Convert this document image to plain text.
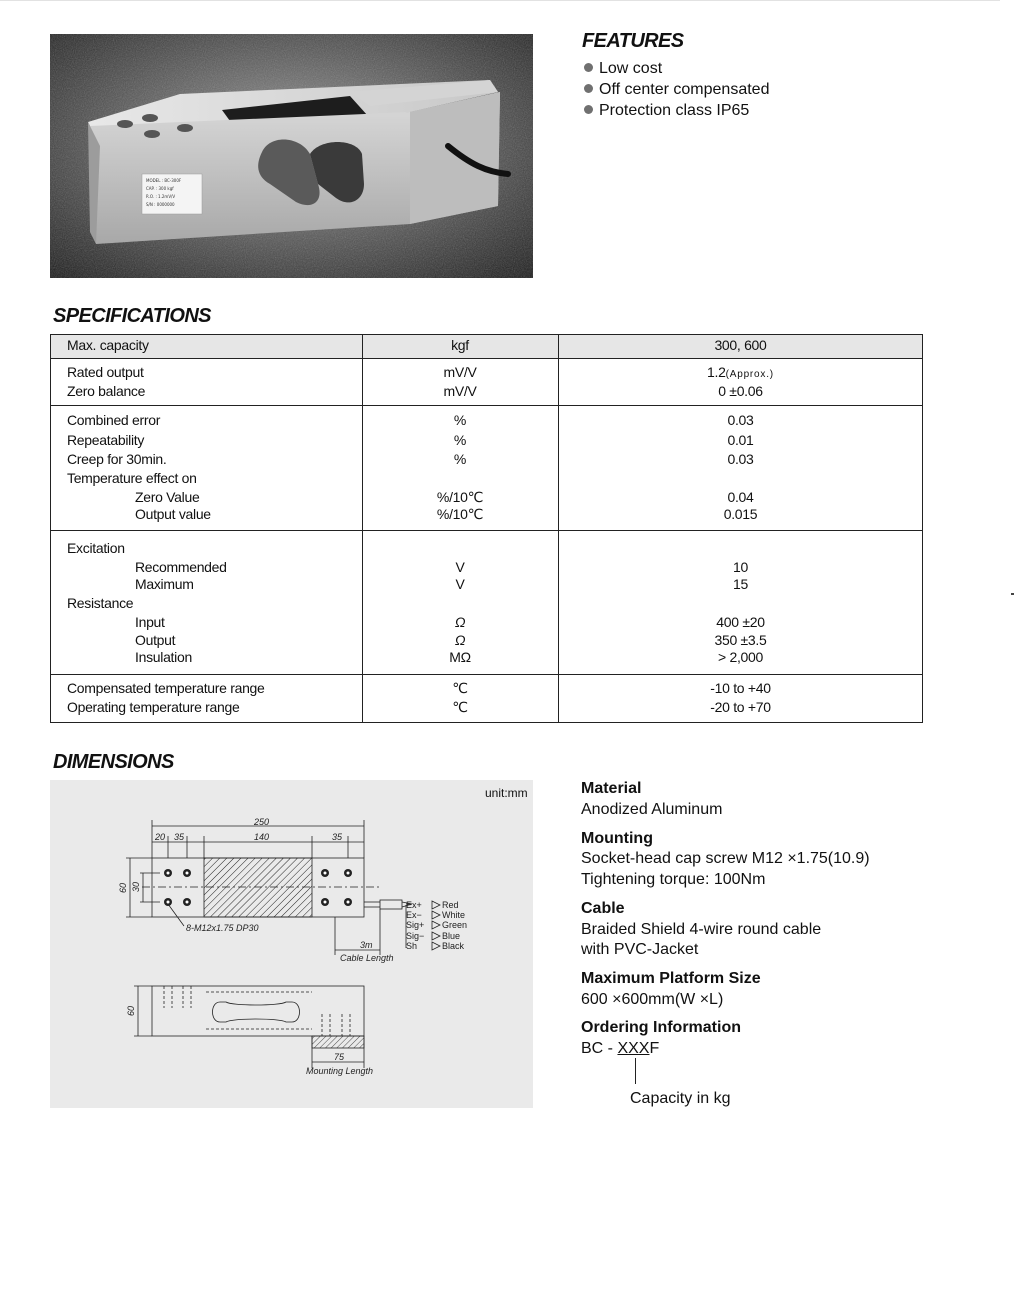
MODEL : BC-300F
CAP. : 300 kgf
R.O. : 1.2mV/V
S/N : 0000000
FEATURES
Low cost
Off center compensated
Protection class IP65
SPECIFICATIONS
Max. capacity	kgf	300, 600
Rated output	mV/V	1.2(Approx.)
Zero balance	mV/V	0 ±0.06
Combined error	%	0.03
Repeatability	%	0.01
Creep for 30min.	%	0.03
Temperature effect on
Zero Value	%/10℃	0.04
Output value	%/10℃	0.015
Excitation
Recommended	V	10
Maximum	V	15
Resistance
Input	Ω	400 ±20
Output	Ω	350 ±3.5
Insulation	MΩ	> 2,000
Compensated temperature range	℃	-10 to +40
Operating temperature range	℃	-20 to +70
DIMENSIONS
250
20 35	140	35
60 30
8-M12x1.75 DP30
3m
Cable Length
Ex+
Ex−
Sig+
Sig−
Sh
Red
White
Green
Blue
Black
60
75
Mounting Length
unit:mm	Material
Anodized Aluminum
Mounting
Socket-head cap screw M12 ×1.75(10.9)
Tightening torque: 100Nm
Cable
Braided Shield 4-wire round cable
with PVC-Jacket
Maximum Platform Size
600 ×600mm(W ×L)
Ordering Information
BC - XXXF
Capacity in kg
